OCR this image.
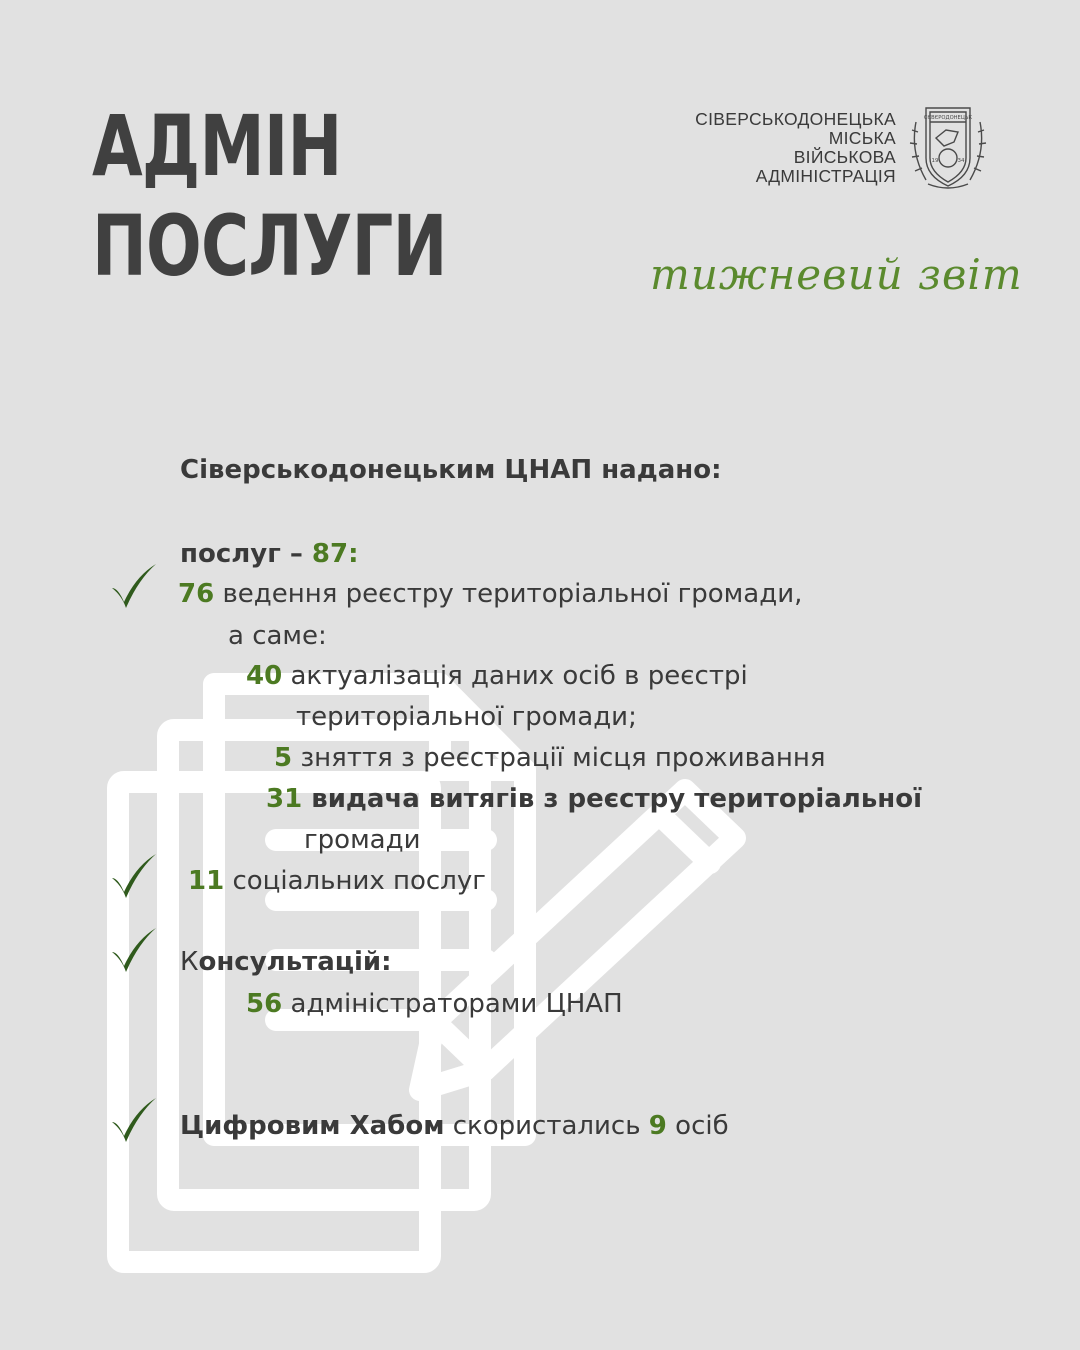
АДМІН
ПОСЛУГИ
СІВЕРСЬКОДОНЕЦЬКА
МІСЬКА
ВІЙСЬКОВА
АДМІНІСТРАЦІЯ
СЄВЄРОДОНЕЦЬК
19	34
тижневий звіт
Сіверськодонецьким ЦНАП надано:
послуг – 87:
76 ведення реєстру територіальної громади,
а саме:
40 актуалізація даних осіб в реєстрі
територіальної громади;
5 зняття з реєстрації місця проживання
31 видача витягів з реєстру територіальної
громади
11 соціальних послуг
Консультацій:
56 адміністраторами ЦНАП
Цифровим Хабом скористались 9 осіб
